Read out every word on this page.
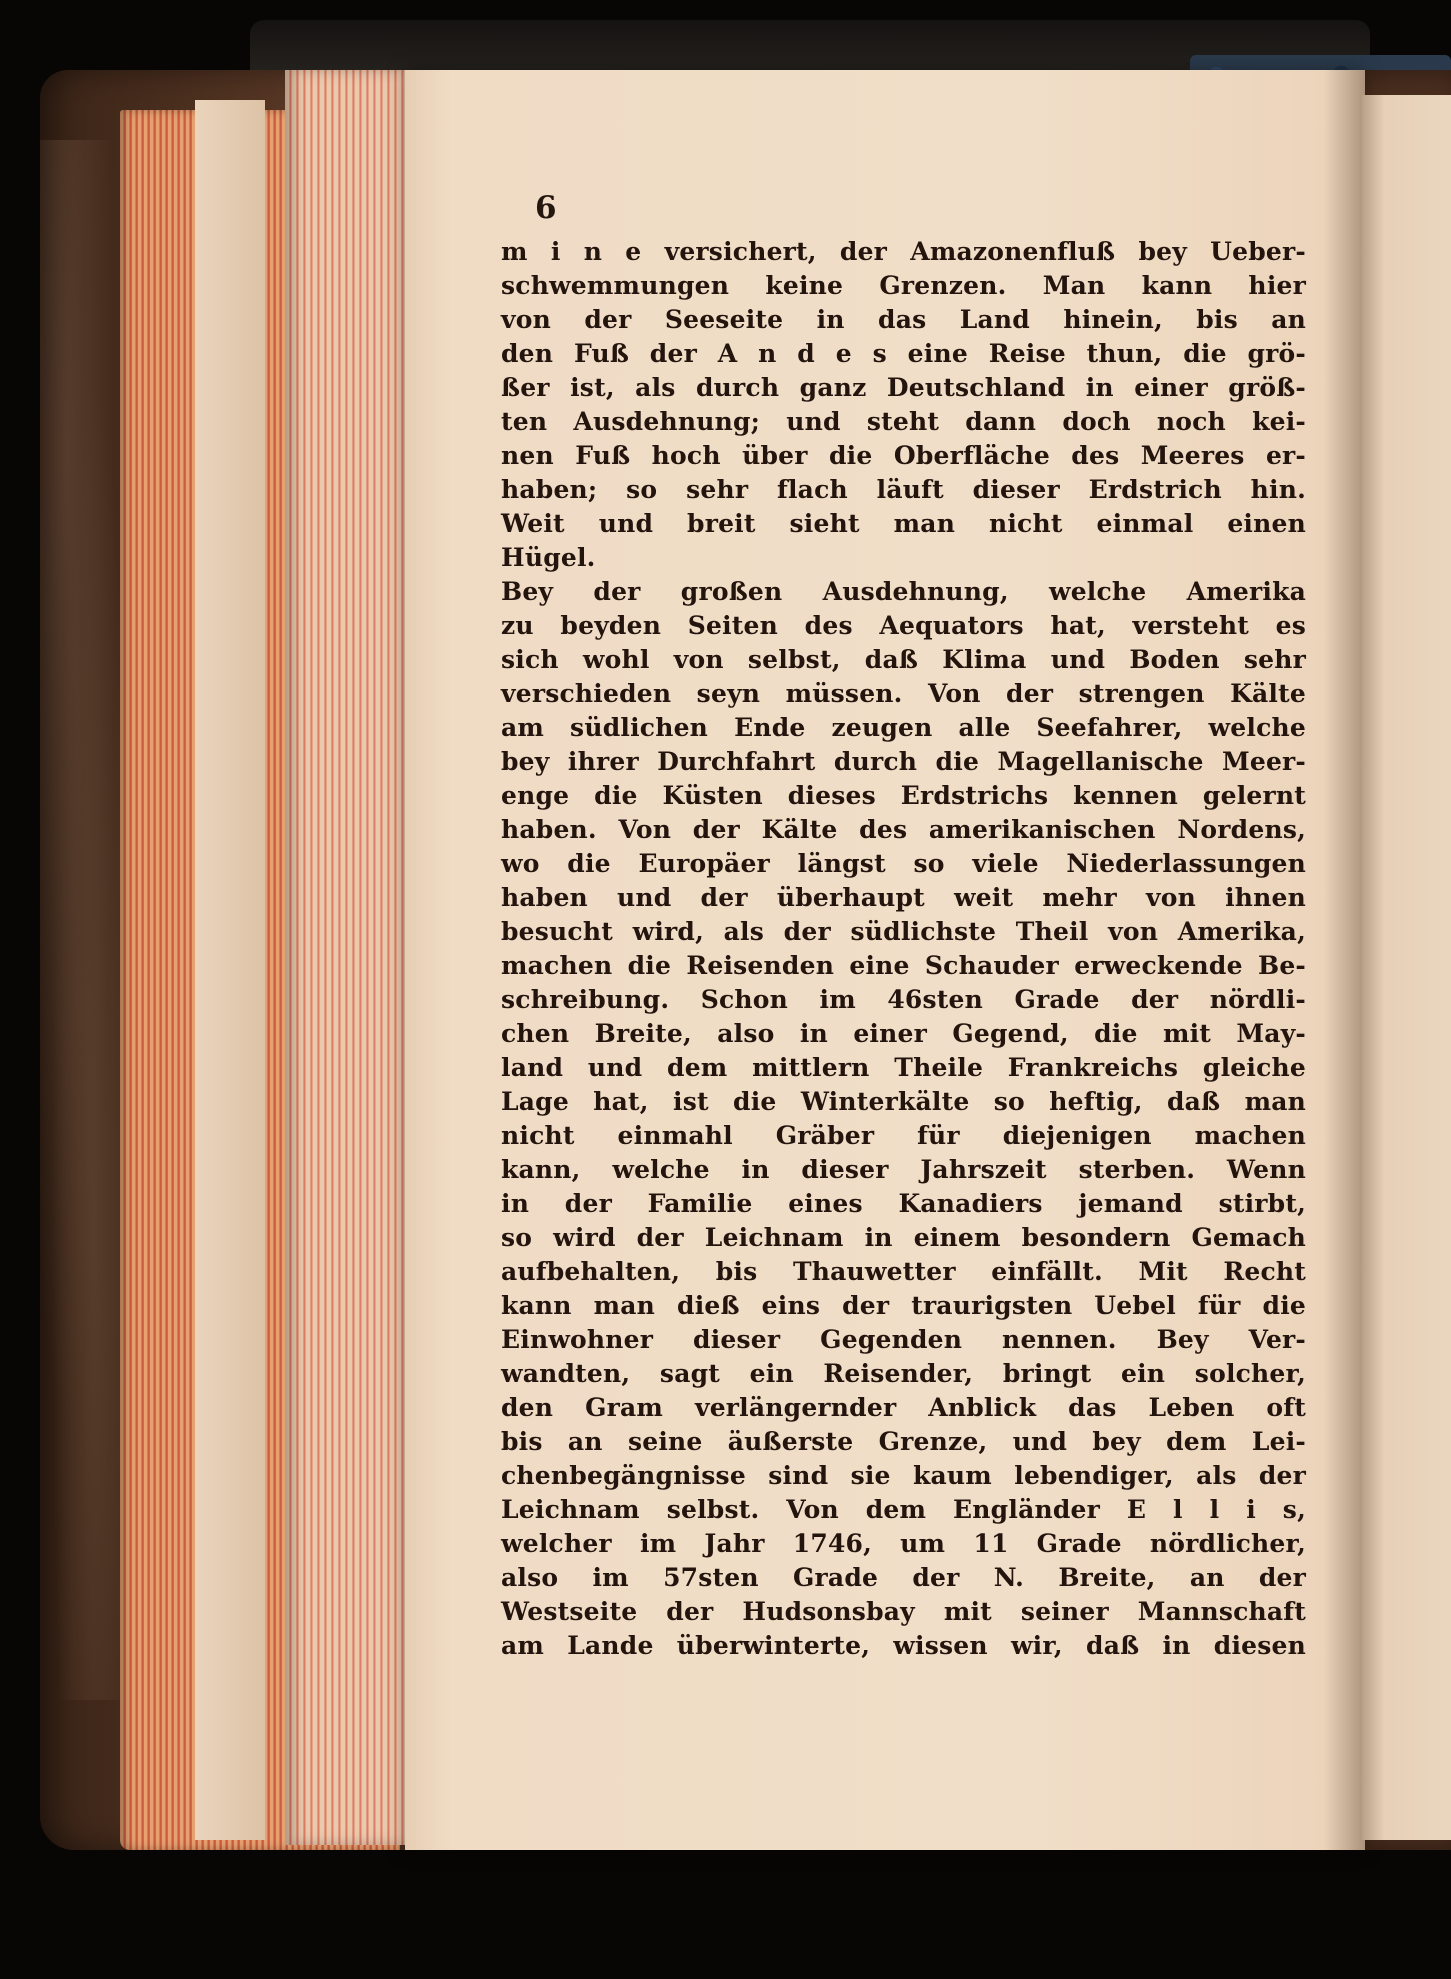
6
m i n e versichert, der Amazonenfluß bey Ueber-
schwemmungen keine Grenzen. Man kann hier
von der Seeseite in das Land hinein, bis an
den Fuß der A n d e s eine Reise thun, die grö-
ßer ist, als durch ganz Deutschland in einer größ-
ten Ausdehnung; und steht dann doch noch kei-
nen Fuß hoch über die Oberfläche des Meeres er-
haben; so sehr flach läuft dieser Erdstrich hin.
Weit und breit sieht man nicht einmal einen
Hügel.
Bey der großen Ausdehnung, welche Amerika
zu beyden Seiten des Aequators hat, versteht es
sich wohl von selbst, daß Klima und Boden sehr
verschieden seyn müssen. Von der strengen Kälte
am südlichen Ende zeugen alle Seefahrer, welche
bey ihrer Durchfahrt durch die Magellanische Meer-
enge die Küsten dieses Erdstrichs kennen gelernt
haben. Von der Kälte des amerikanischen Nordens,
wo die Europäer längst so viele Niederlassungen
haben und der überhaupt weit mehr von ihnen
besucht wird, als der südlichste Theil von Amerika,
machen die Reisenden eine Schauder erweckende Be-
schreibung. Schon im 46sten Grade der nördli-
chen Breite, also in einer Gegend, die mit May-
land und dem mittlern Theile Frankreichs gleiche
Lage hat, ist die Winterkälte so heftig, daß man
nicht einmahl Gräber für diejenigen machen
kann, welche in dieser Jahrszeit sterben. Wenn
in der Familie eines Kanadiers jemand stirbt,
so wird der Leichnam in einem besondern Gemach
aufbehalten, bis Thauwetter einfällt. Mit Recht
kann man dieß eins der traurigsten Uebel für die
Einwohner dieser Gegenden nennen. Bey Ver-
wandten, sagt ein Reisender, bringt ein solcher,
den Gram verlängernder Anblick das Leben oft
bis an seine äußerste Grenze, und bey dem Lei-
chenbegängnisse sind sie kaum lebendiger, als der
Leichnam selbst. Von dem Engländer E l l i s,
welcher im Jahr 1746, um 11 Grade nördlicher,
also im 57sten Grade der N. Breite, an der
Westseite der Hudsonsbay mit seiner Mannschaft
am Lande überwinterte, wissen wir, daß in diesen
